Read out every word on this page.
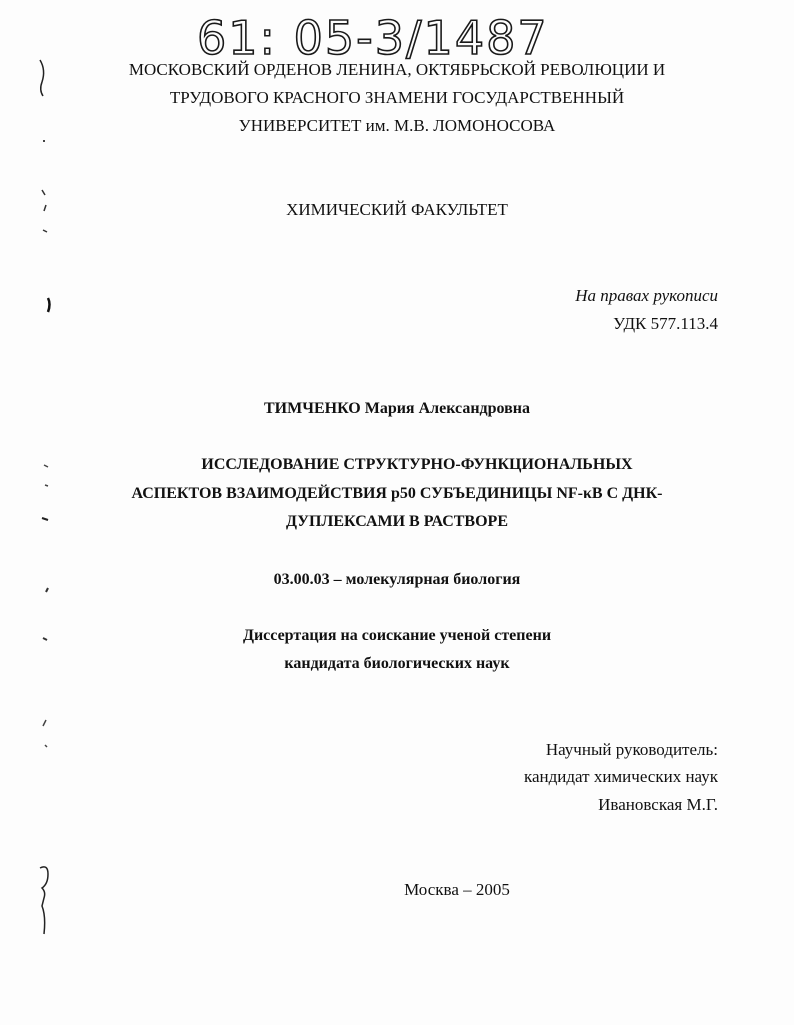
61: 05-3/1487
МОСКОВСКИЙ ОРДЕНОВ ЛЕНИНА, ОКТЯБРЬСКОЙ РЕВОЛЮЦИИ И
ТРУДОВОГО КРАСНОГО ЗНАМЕНИ ГОСУДАРСТВЕННЫЙ
УНИВЕРСИТЕТ им. М.В. ЛОМОНОСОВА
ХИМИЧЕСКИЙ ФАКУЛЬТЕТ
На правах рукописи
УДК 577.113.4
ТИМЧЕНКО Мария Александровна
ИССЛЕДОВАНИЕ СТРУКТУРНО-ФУНКЦИОНАЛЬНЫХ
АСПЕКТОВ ВЗАИМОДЕЙСТВИЯ р50 СУБЪЕДИНИЦЫ NF-κB С ДНК-
ДУПЛЕКСАМИ В РАСТВОРЕ
03.00.03 – молекулярная биология
Диссертация на соискание ученой степени
кандидата биологических наук
Научный руководитель:
кандидат химических наук
Ивановская М.Г.
Москва – 2005
